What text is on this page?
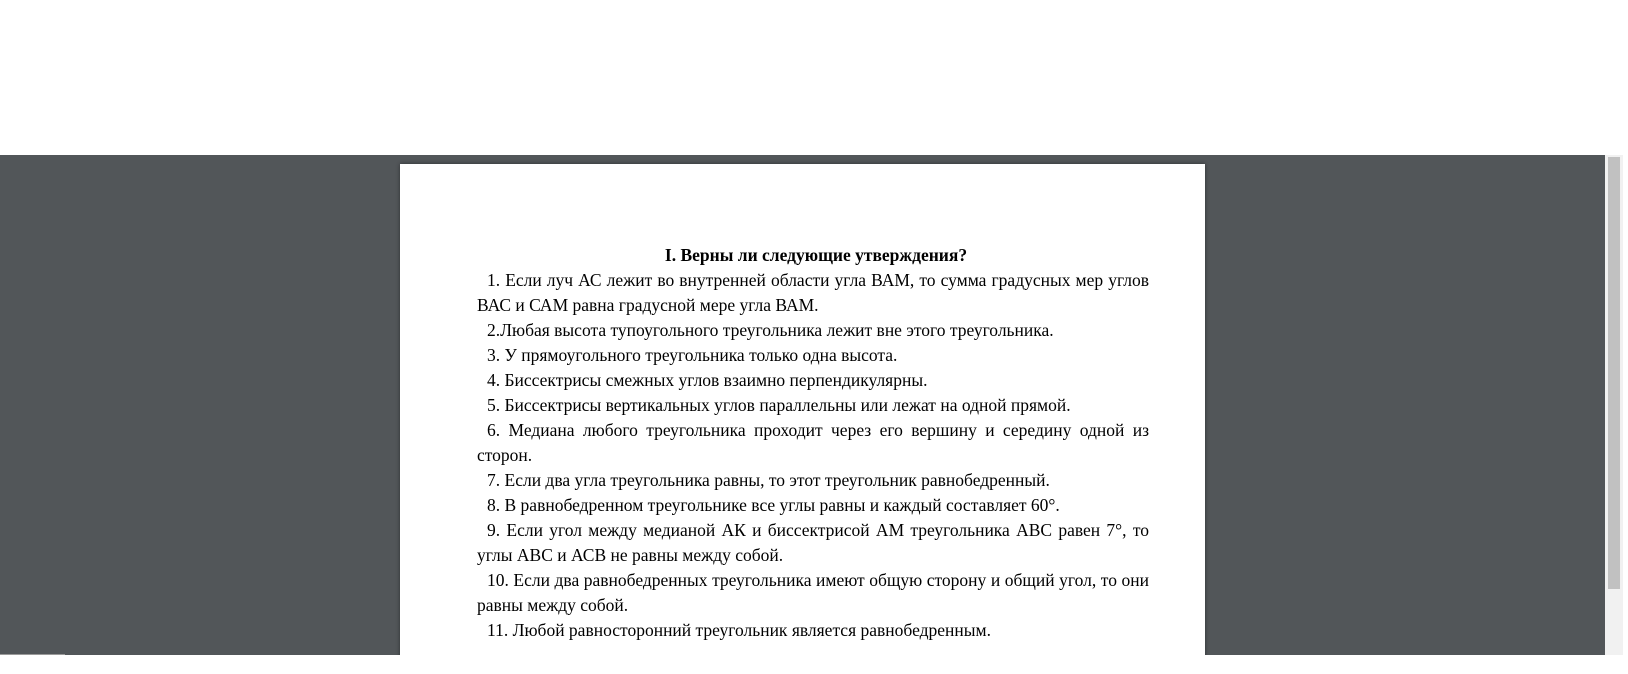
I. Верны ли следующие утверждения?

1. Если луч АС лежит во внутренней области угла ВАМ, то сумма градусных мер углов ВАС и САМ равна градусной мере угла ВАМ.

2.Любая высота тупоугольного треугольника лежит вне этого треугольника.

3. У прямоугольного треугольника только одна высота.

4. Биссектрисы смежных углов взаимно перпендикулярны.

5. Биссектрисы вертикальных углов параллельны или лежат на одной прямой.

6. Медиана любого треугольника проходит через его вершину и середину одной из сторон.

7. Если два угла треугольника равны, то этот треугольник равнобедренный.

8. В равнобедренном треугольнике все углы равны и каждый составляет 60°.

9. Если угол между медианой АК и биссектрисой АМ треугольника АВС равен 7°, то углы АВС и АСВ не равны между собой.

10. Если два равнобедренных треугольника имеют общую сторону и общий угол, то они равны между собой.

11. Любой равносторонний треугольник является равнобедренным.
